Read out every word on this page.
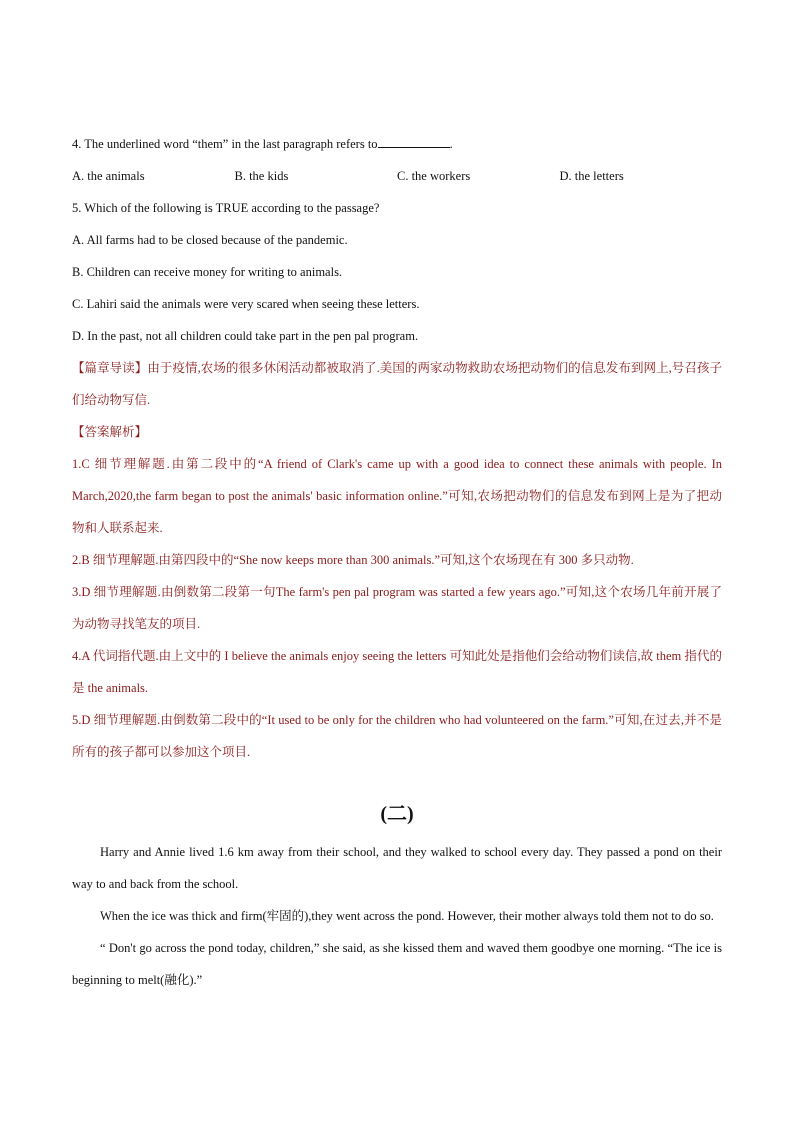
4. The underlined word “them” in the last paragraph refers to	.
A. the animals	B. the kids	C. the workers	D. the letters
5. Which of the following is TRUE according to the passage?
A. All farms had to be closed because of the pandemic.
B. Children can receive money for writing to animals.
C. Lahiri said the animals were very scared when seeing these letters.
D. In the past, not all children could take part in the pen pal program.
【篇章导读】由于疫情,农场的很多休闲活动都被取消了.美国的两家动物救助农场把动物们的信息发布到网上,号召孩子们给动物写信.
【答案解析】
1.C 细节理解题.由第二段中的“A friend of Clark's came up with a good idea to connect these animals with people. In March,2020,the farm began to post the animals' basic information online.”可知,农场把动物们的信息发布到网上是为了把动物和人联系起来.
2.B 细节理解题.由第四段中的“She now keeps more than 300 animals.”可知,这个农场现在有 300 多只动物.
3.D 细节理解题.由倒数第二段第一句The farm's pen pal program was started a few years ago.”可知,这个农场几年前开展了为动物寻找笔友的项目.
4.A 代词指代题.由上文中的 I believe the animals enjoy seeing the letters 可知此处是指他们会给动物们读信,故 them 指代的是 the animals.
5.D 细节理解题.由倒数第二段中的“It used to be only for the children who had volunteered on the farm.”可知,在过去,并不是所有的孩子都可以参加这个项目.
(二)
Harry and Annie lived 1.6 km away from their school, and they walked to school every day. They passed a pond on their way to and back from the school.
When the ice was thick and firm(牢固的),they went across the pond. However, their mother always told them not to do so.
“ Don't go across the pond today, children,” she said, as she kissed them and waved them goodbye one morning. “The ice is beginning to melt(融化).”
